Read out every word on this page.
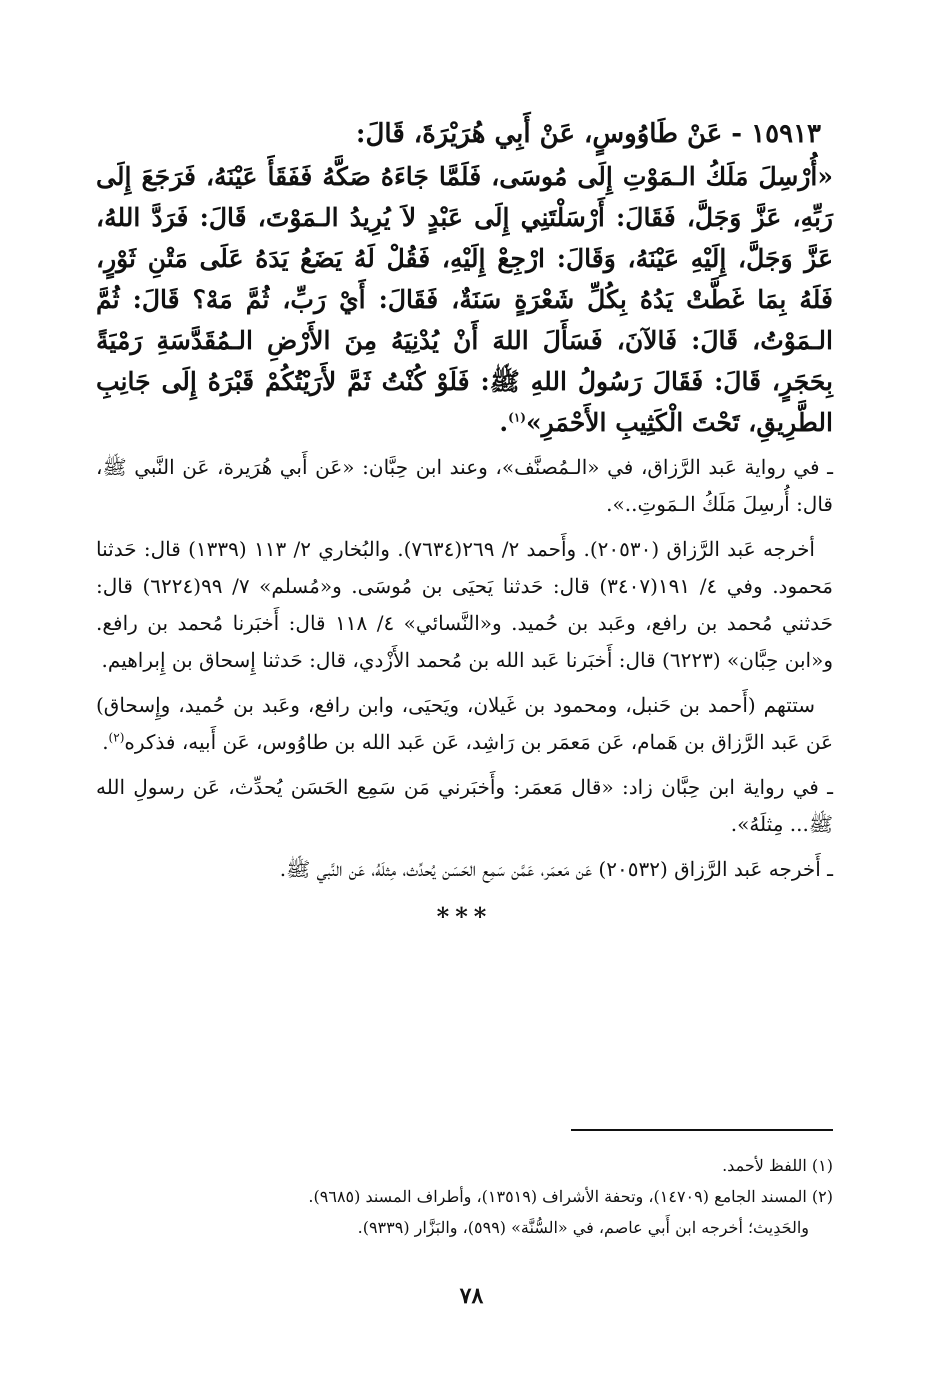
١٥٩١٣ - عَنْ طَاوُوسٍ، عَنْ أَبِي هُرَيْرَةَ، قَالَ:

«أُرْسِلَ مَلَكُ الـمَوْتِ إِلَى مُوسَى، فَلَمَّا جَاءَهُ صَكَّهُ فَفَقَأَ عَيْنَهُ، فَرَجَعَ إِلَى رَبِّهِ، عَزَّ وَجَلَّ، فَقَالَ: أَرْسَلْتَنِي إِلَى عَبْدٍ لاَ يُرِيدُ الـمَوْتَ، قَالَ: فَرَدَّ اللهُ، عَزَّ وَجَلَّ، إِلَيْهِ عَيْنَهُ، وَقَالَ: ارْجِعْ إِلَيْهِ، فَقُلْ لَهُ يَضَعُ يَدَهُ عَلَى مَتْنِ ثَوْرٍ، فَلَهُ بِمَا غَطَّتْ يَدُهُ بِكُلِّ شَعْرَةٍ سَنَةٌ، فَقَالَ: أَيْ رَبِّ، ثُمَّ مَهْ؟ قَالَ: ثُمَّ الـمَوْتُ، قَالَ: فَالآنَ، فَسَأَلَ اللهَ أَنْ يُدْنِيَهُ مِنَ الأَرْضِ الـمُقَدَّسَةِ رَمْيَةً بِحَجَرٍ، قَالَ: فَقَالَ رَسُولُ اللهِ ﷺ: فَلَوْ كُنْتُ ثَمَّ لأَرَيْتُكُمْ قَبْرَهُ إِلَى جَانِبِ الطَّرِيقِ، تَحْتَ الْكَثِيبِ الأَحْمَرِ»$^{(١)}$.

ـ في رواية عَبد الرَّزاق، في «الـمُصنَّف»، وعند ابن حِبَّان: «عَن أَبي هُرَيرة، عَن النَّبي ﷺ، قال: أُرسِلَ مَلَكُ الـمَوتِ..».

أخرجه عَبد الرَّزاق (٢٠٥٣٠). وأَحمد ٢/ ٢٦٩(٧٦٣٤). والبُخاري ٢/ ١١٣ (١٣٣٩) قال: حَدثنا مَحمود. وفي ٤/ ١٩١(٣٤٠٧) قال: حَدثنا يَحيَى بن مُوسَى. و«مُسلم» ٧/ ٩٩(٦٢٢٤) قال: حَدثني مُحمد بن رافع، وعَبد بن حُميد. و«النَّسائي» ٤/ ١١٨ قال: أَخبَرنا مُحمد بن رافع. و«ابن حِبَّان» (٦٢٢٣) قال: أَخبَرنا عَبد الله بن مُحمد الأَزْدي، قال: حَدثنا إِسحاق بن إِبراهيم.

ستتهم (أَحمد بن حَنبل، ومحمود بن غَيلان، ويَحيَى، وابن رافع، وعَبد بن حُميد، وإِسحاق) عَن عَبد الرَّزاق بن هَمام، عَن مَعمَر بن رَاشِد، عَن عَبد الله بن طاوُوس، عَن أَبيه، فذكره$^{(٢)}$.

ـ في رواية ابن حِبَّان زاد: «قال مَعمَر: وأَخبَرني مَن سَمِع الحَسَن يُحدِّث، عَن رسولِ الله ﷺ... مِثلَهُ».

ـ أَخرجه عَبد الرَّزاق (٢٠٥٣٢) عَن مَعمَر، عَمَّن سَمِع الحَسَن يُحدِّث، مِثلَهُ، عَن النَّبي ﷺ.

***

(١) اللفظ لأحمد.

(٢) المسند الجامع (١٤٧٠٩)، وتحفة الأشراف (١٣٥١٩)، وأطراف المسند (٩٦٨٥).

والحَدِيث؛ أخرجه ابن أَبي عاصم، في «السُّنَّة» (٥٩٩)، والبَزَّار (٩٣٣٩).

٧٨
